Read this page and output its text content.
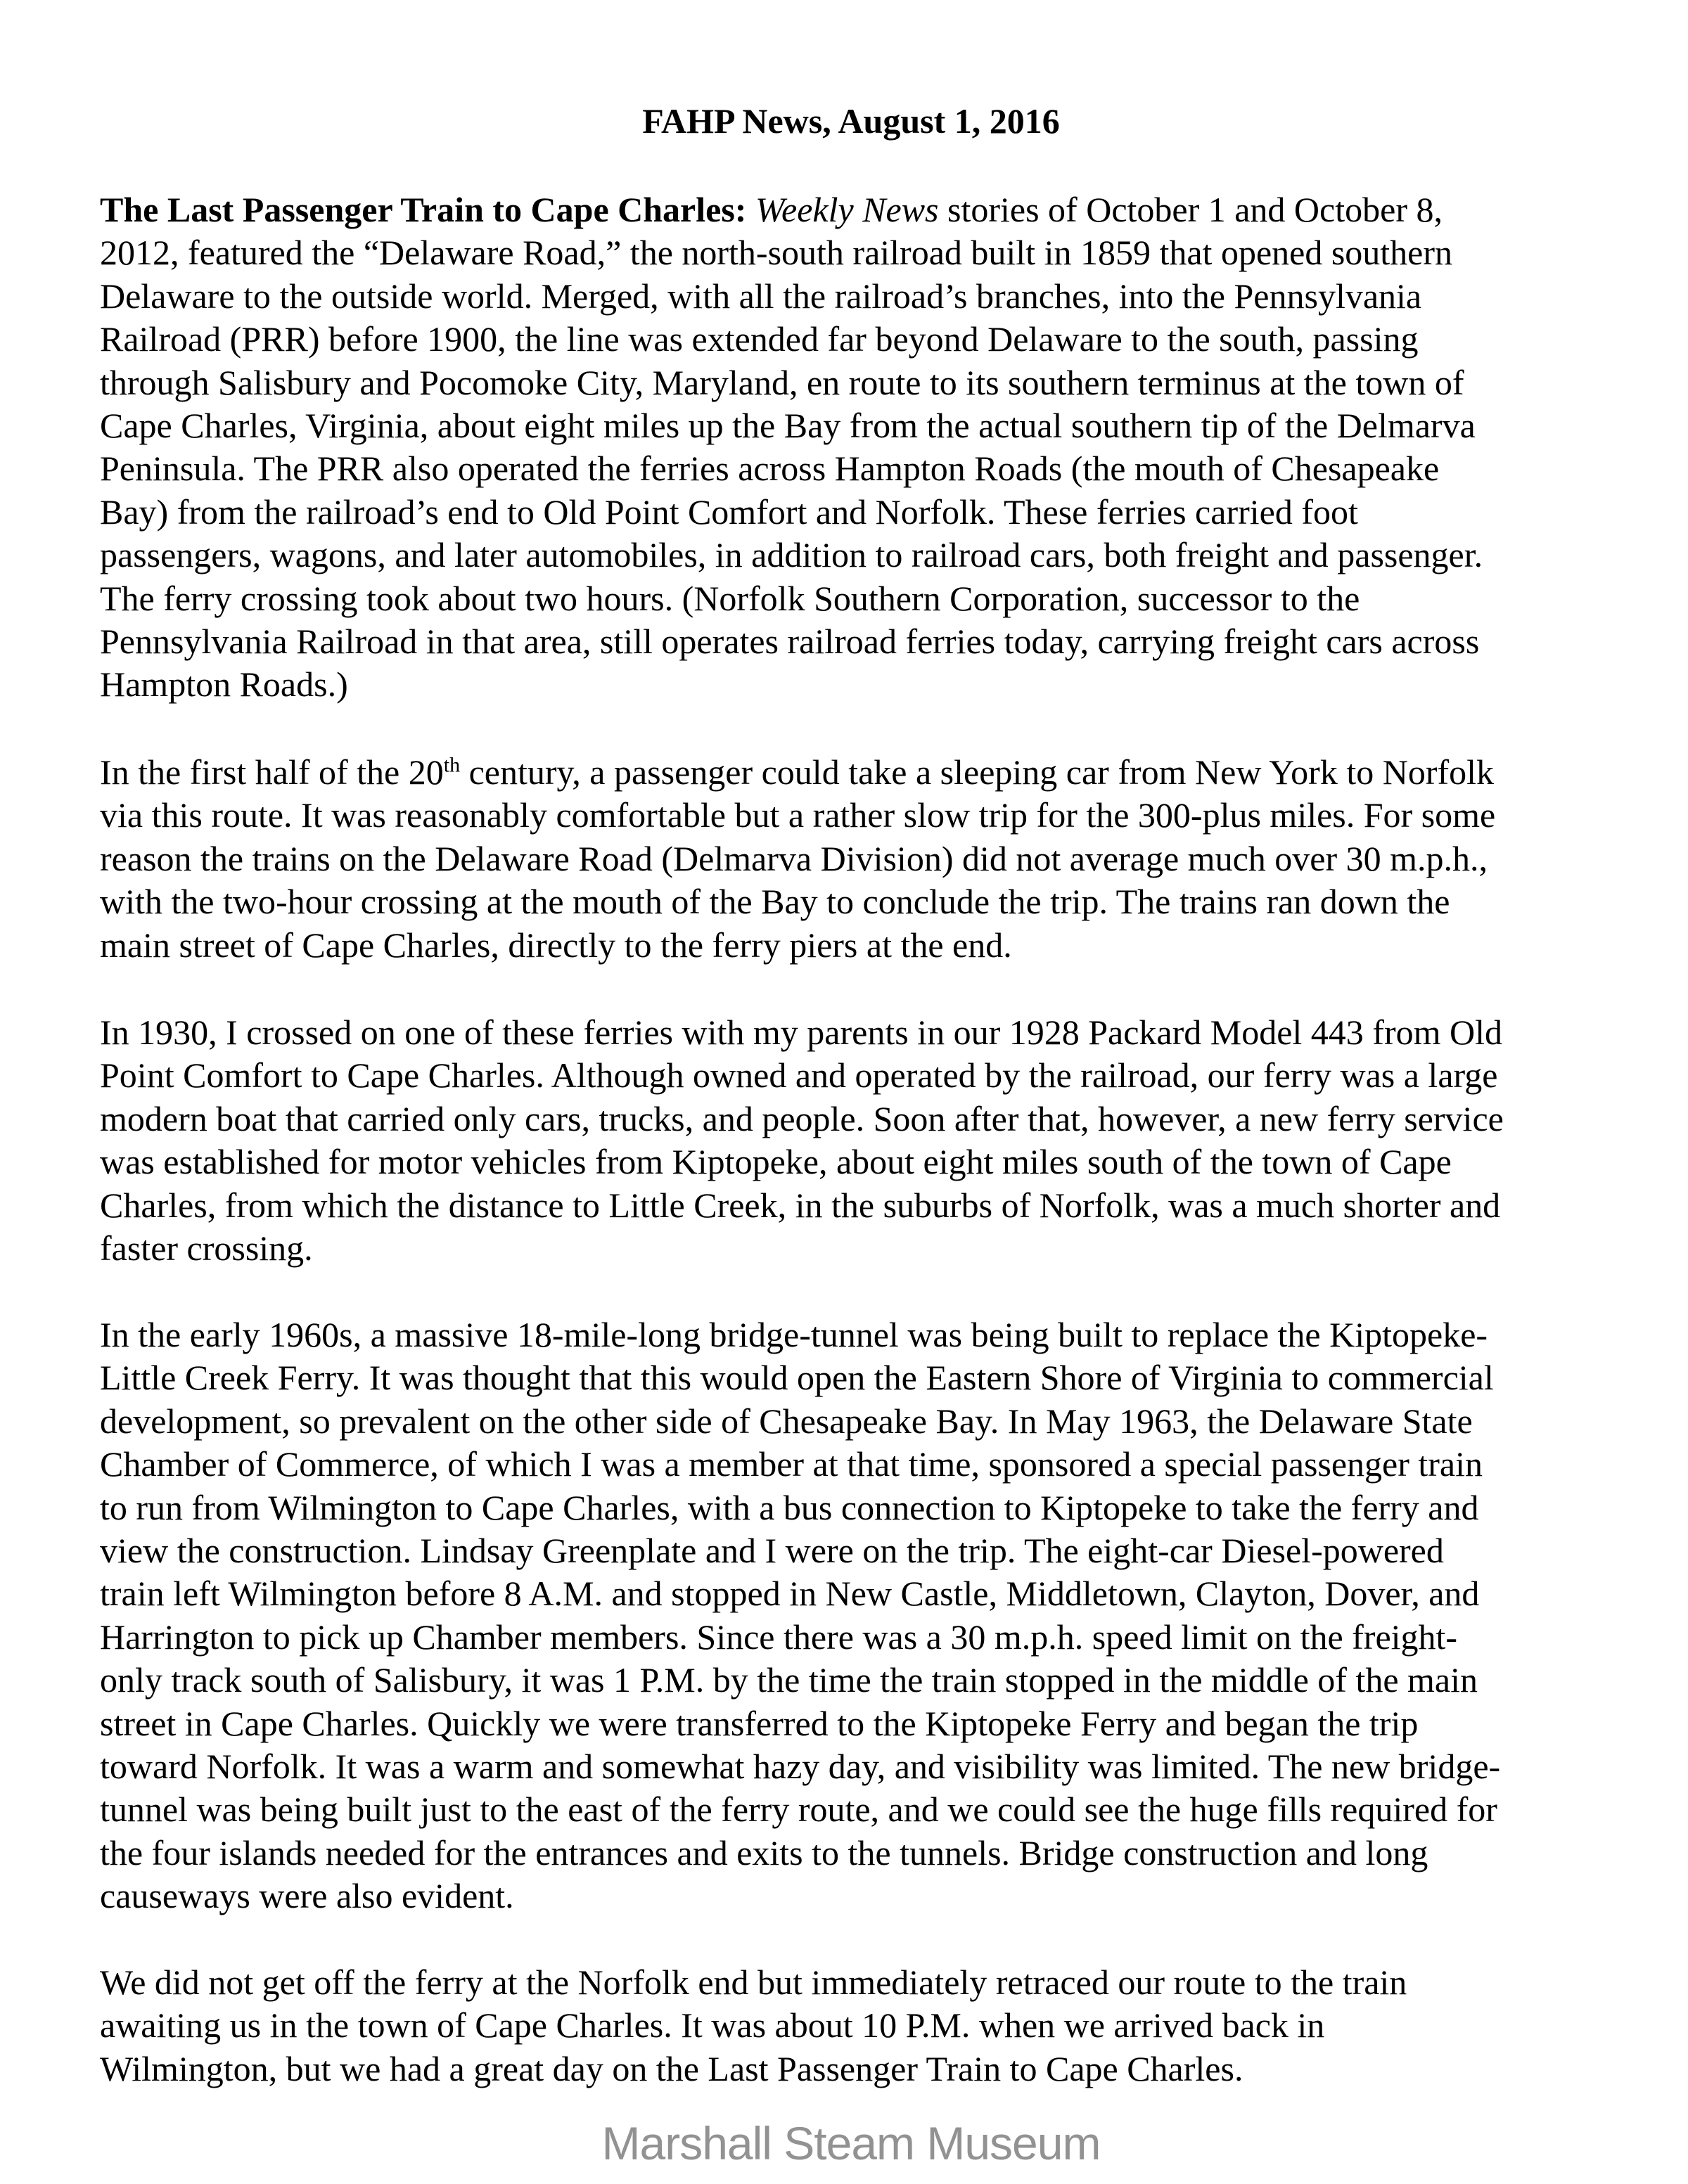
FAHP News, August 1, 2016
The Last Passenger Train to Cape Charles: Weekly News stories of October 1 and October 8,
2012, featured the “Delaware Road,” the north-south railroad built in 1859 that opened southern
Delaware to the outside world. Merged, with all the railroad’s branches, into the Pennsylvania
Railroad (PRR) before 1900, the line was extended far beyond Delaware to the south, passing
through Salisbury and Pocomoke City, Maryland, en route to its southern terminus at the town of
Cape Charles, Virginia, about eight miles up the Bay from the actual southern tip of the Delmarva
Peninsula. The PRR also operated the ferries across Hampton Roads (the mouth of Chesapeake
Bay) from the railroad’s end to Old Point Comfort and Norfolk. These ferries carried foot
passengers, wagons, and later automobiles, in addition to railroad cars, both freight and passenger.
The ferry crossing took about two hours. (Norfolk Southern Corporation, successor to the
Pennsylvania Railroad in that area, still operates railroad ferries today, carrying freight cars across
Hampton Roads.)
In the first half of the 20th century, a passenger could take a sleeping car from New York to Norfolk
via this route. It was reasonably comfortable but a rather slow trip for the 300-plus miles. For some
reason the trains on the Delaware Road (Delmarva Division) did not average much over 30 m.p.h.,
with the two-hour crossing at the mouth of the Bay to conclude the trip. The trains ran down the
main street of Cape Charles, directly to the ferry piers at the end.
In 1930, I crossed on one of these ferries with my parents in our 1928 Packard Model 443 from Old
Point Comfort to Cape Charles. Although owned and operated by the railroad, our ferry was a large
modern boat that carried only cars, trucks, and people. Soon after that, however, a new ferry service
was established for motor vehicles from Kiptopeke, about eight miles south of the town of Cape
Charles, from which the distance to Little Creek, in the suburbs of Norfolk, was a much shorter and
faster crossing.
In the early 1960s, a massive 18-mile-long bridge-tunnel was being built to replace the Kiptopeke-
Little Creek Ferry. It was thought that this would open the Eastern Shore of Virginia to commercial
development, so prevalent on the other side of Chesapeake Bay. In May 1963, the Delaware State
Chamber of Commerce, of which I was a member at that time, sponsored a special passenger train
to run from Wilmington to Cape Charles, with a bus connection to Kiptopeke to take the ferry and
view the construction. Lindsay Greenplate and I were on the trip. The eight-car Diesel-powered
train left Wilmington before 8 A.M. and stopped in New Castle, Middletown, Clayton, Dover, and
Harrington to pick up Chamber members. Since there was a 30 m.p.h. speed limit on the freight-
only track south of Salisbury, it was 1 P.M. by the time the train stopped in the middle of the main
street in Cape Charles. Quickly we were transferred to the Kiptopeke Ferry and began the trip
toward Norfolk. It was a warm and somewhat hazy day, and visibility was limited. The new bridge-
tunnel was being built just to the east of the ferry route, and we could see the huge fills required for
the four islands needed for the entrances and exits to the tunnels. Bridge construction and long
causeways were also evident.
We did not get off the ferry at the Norfolk end but immediately retraced our route to the train
awaiting us in the town of Cape Charles. It was about 10 P.M. when we arrived back in
Wilmington, but we had a great day on the Last Passenger Train to Cape Charles.
Marshall Steam Museum
